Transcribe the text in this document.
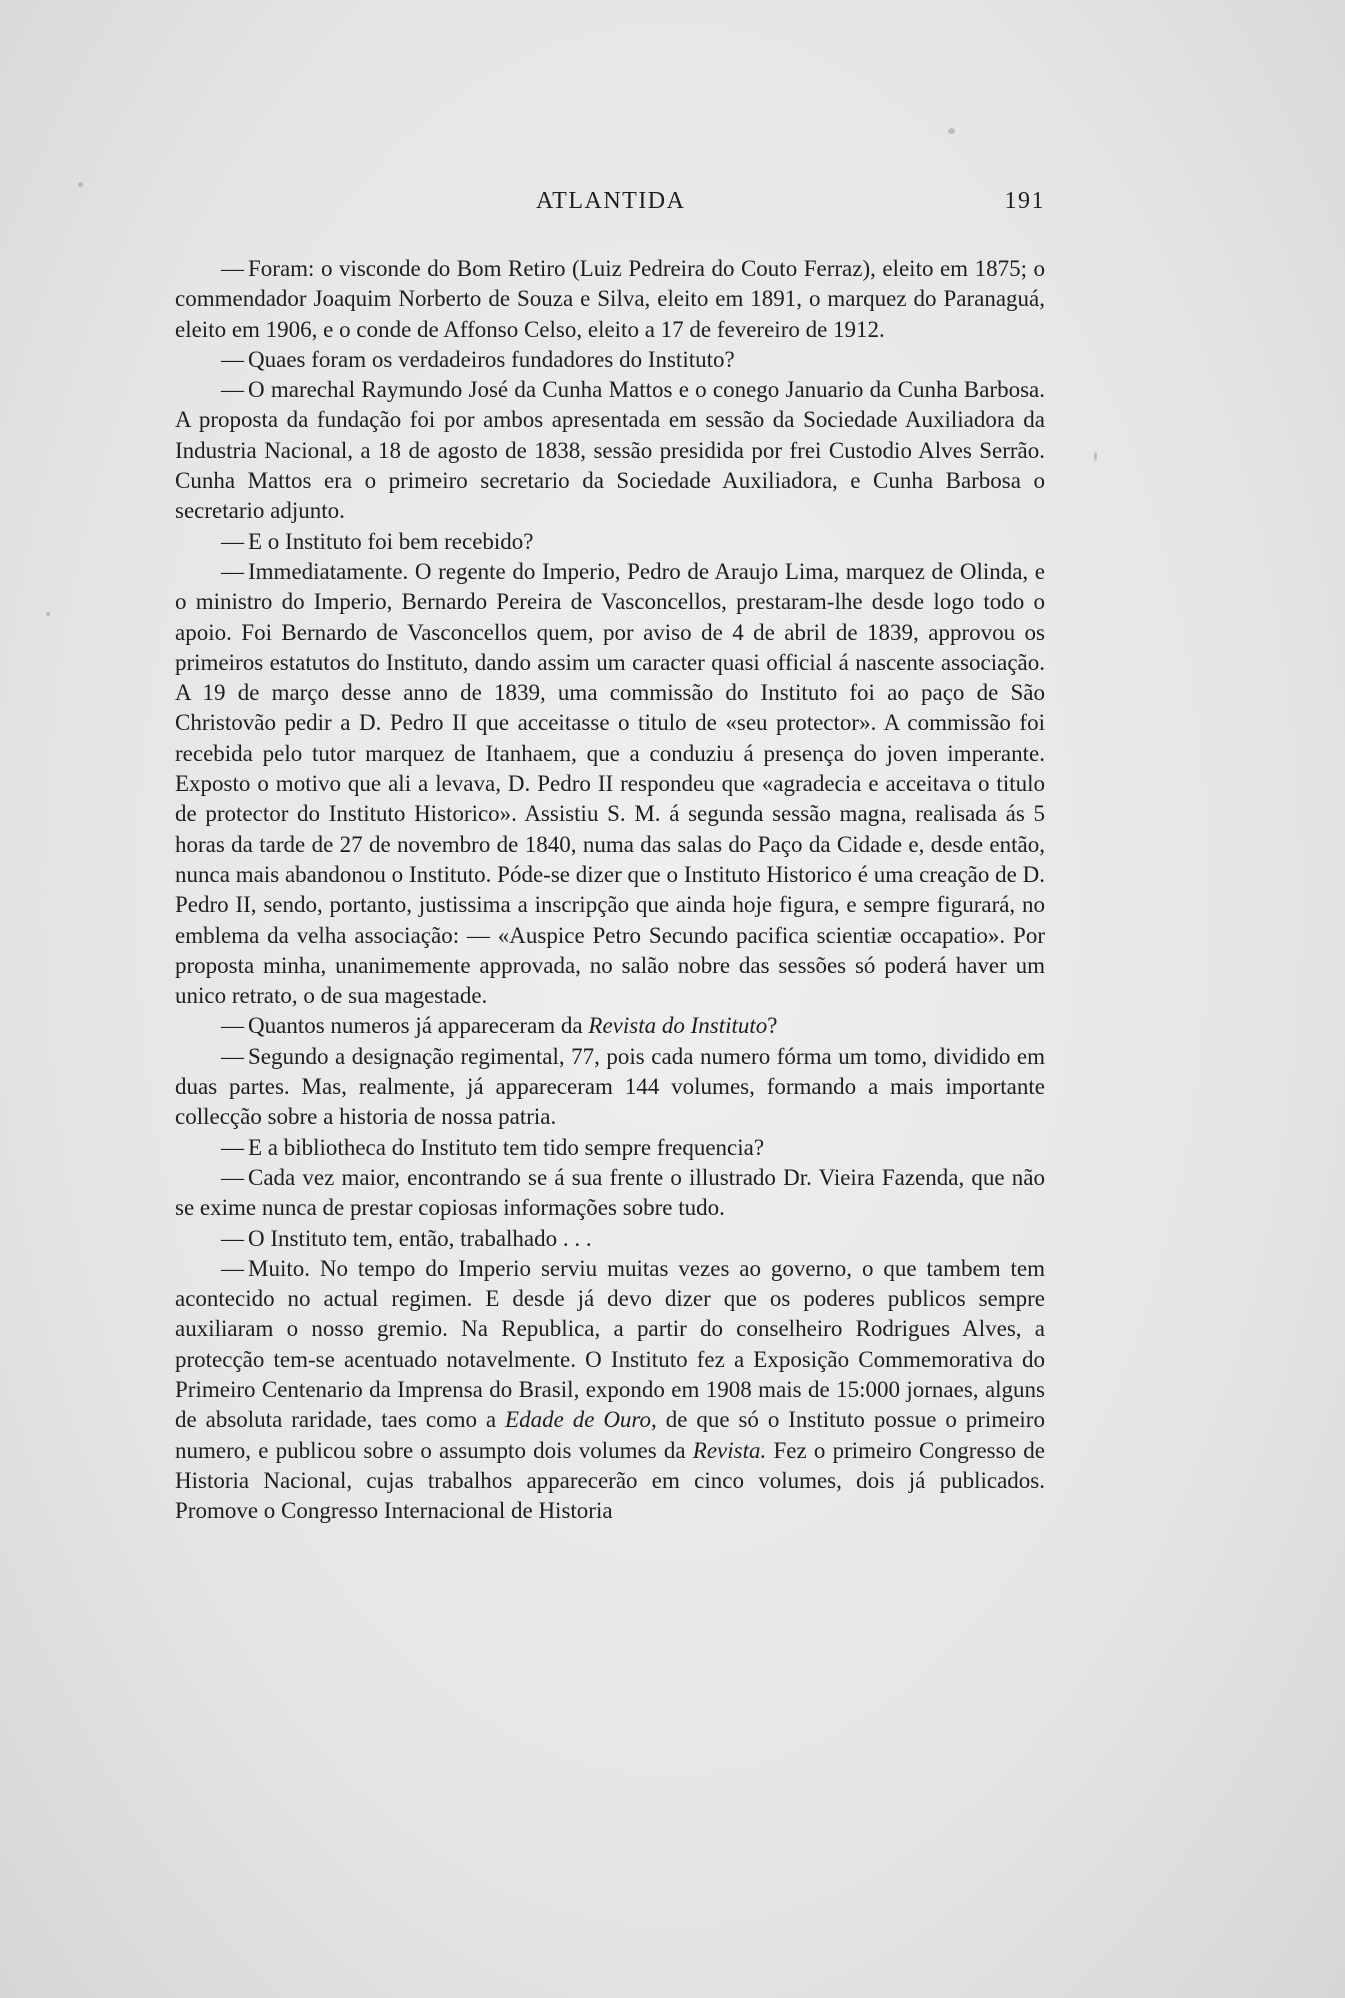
ATLANTIDA	191

— Foram: o visconde do Bom Retiro (Luiz Pedreira do Couto Ferraz), eleito em 1875; o commendador Joaquim Norberto de Souza e Silva, eleito em 1891, o marquez do Paranaguá, eleito em 1906, e o conde de Affonso Celso, eleito a 17 de fevereiro de 1912.

— Quaes foram os verdadeiros fundadores do Instituto?

— O marechal Raymundo José da Cunha Mattos e o conego Januario da Cunha Barbosa. A proposta da fundação foi por ambos apresentada em sessão da Sociedade Auxiliadora da Industria Nacional, a 18 de agosto de 1838, sessão presidida por frei Custodio Alves Serrão. Cunha Mattos era o primeiro secretario da Sociedade Auxiliadora, e Cunha Barbosa o secretario adjunto.

— E o Instituto foi bem recebido?

— Immediatamente. O regente do Imperio, Pedro de Araujo Lima, marquez de Olinda, e o ministro do Imperio, Bernardo Pereira de Vasconcellos, prestaram-lhe desde logo todo o apoio. Foi Bernardo de Vasconcellos quem, por aviso de 4 de abril de 1839, approvou os primeiros estatutos do Instituto, dando assim um caracter quasi official á nascente associação. A 19 de março desse anno de 1839, uma commissão do Instituto foi ao paço de São Christovão pedir a D. Pedro II que acceitasse o titulo de «seu protector». A commissão foi recebida pelo tutor marquez de Itanhaem, que a conduziu á presença do joven imperante. Exposto o motivo que ali a levava, D. Pedro II respondeu que «agradecia e acceitava o titulo de protector do Instituto Historico». Assistiu S. M. á segunda sessão magna, realisada ás 5 horas da tarde de 27 de novembro de 1840, numa das salas do Paço da Cidade e, desde então, nunca mais abandonou o Instituto. Póde-se dizer que o Instituto Historico é uma creação de D. Pedro II, sendo, portanto, justissima a inscripção que ainda hoje figura, e sempre figurará, no emblema da velha associação: — «Auspice Petro Secundo pacifica scientiæ occapatio». Por proposta minha, unanimemente approvada, no salão nobre das sessões só poderá haver um unico retrato, o de sua magestade.

— Quantos numeros já appareceram da Revista do Instituto?

— Segundo a designação regimental, 77, pois cada numero fórma um tomo, dividido em duas partes. Mas, realmente, já appareceram 144 volumes, formando a mais importante collecção sobre a historia de nossa patria.

— E a bibliotheca do Instituto tem tido sempre frequencia?

— Cada vez maior, encontrando se á sua frente o illustrado Dr. Vieira Fazenda, que não se exime nunca de prestar copiosas informações sobre tudo.

— O Instituto tem, então, trabalhado . . .

— Muito. No tempo do Imperio serviu muitas vezes ao governo, o que tambem tem acontecido no actual regimen. E desde já devo dizer que os poderes publicos sempre auxiliaram o nosso gremio. Na Republica, a partir do conselheiro Rodrigues Alves, a protecção tem-se acentuado notavelmente. O Instituto fez a Exposição Commemorativa do Primeiro Centenario da Imprensa do Brasil, expondo em 1908 mais de 15:000 jornaes, alguns de absoluta raridade, taes como a Edade de Ouro, de que só o Instituto possue o primeiro numero, e publicou sobre o assumpto dois volumes da Revista. Fez o primeiro Congresso de Historia Nacional, cujas trabalhos apparecerão em cinco volumes, dois já publicados. Promove o Congresso Internacional de Historia
